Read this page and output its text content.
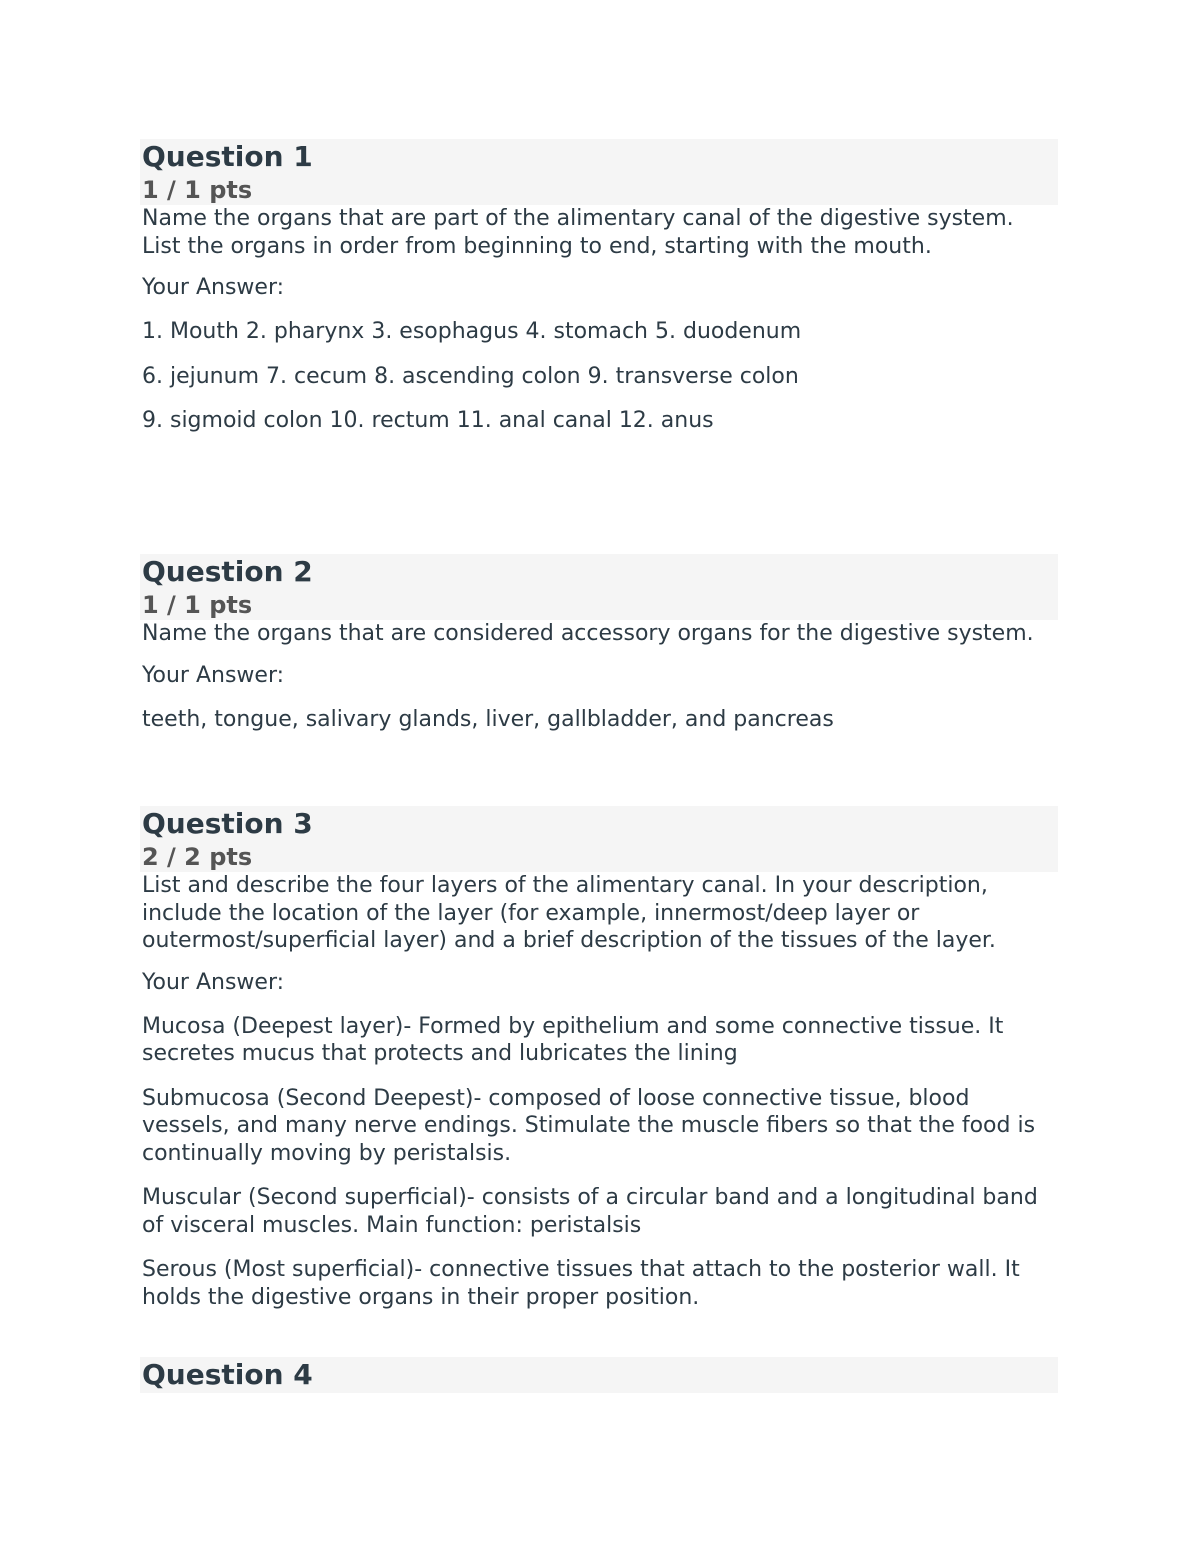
Question 1
1 / 1 pts

Name the organs that are part of the alimentary canal of the digestive system. List the organs in order from beginning to end, starting with the mouth.

Your Answer:

1. Mouth 2. pharynx 3. esophagus 4. stomach 5. duodenum

6. jejunum 7. cecum 8. ascending colon 9. transverse colon

9. sigmoid colon 10. rectum 11. anal canal 12. anus

Question 2
1 / 1 pts

Name the organs that are considered accessory organs for the digestive system.

Your Answer:

teeth, tongue, salivary glands, liver, gallbladder, and pancreas

Question 3
2 / 2 pts

List and describe the four layers of the alimentary canal. In your description, include the location of the layer (for example, innermost/deep layer or outermost/superficial layer) and a brief description of the tissues of the layer.

Your Answer:

Mucosa (Deepest layer)- Formed by epithelium and some connective tissue. It secretes mucus that protects and lubricates the lining

Submucosa (Second Deepest)- composed of loose connective tissue, blood vessels, and many nerve endings. Stimulate the muscle fibers so that the food is continually moving by peristalsis.

Muscular (Second superficial)- consists of a circular band and a longitudinal band of visceral muscles. Main function: peristalsis

Serous (Most superficial)- connective tissues that attach to the posterior wall. It holds the digestive organs in their proper position.

Question 4
